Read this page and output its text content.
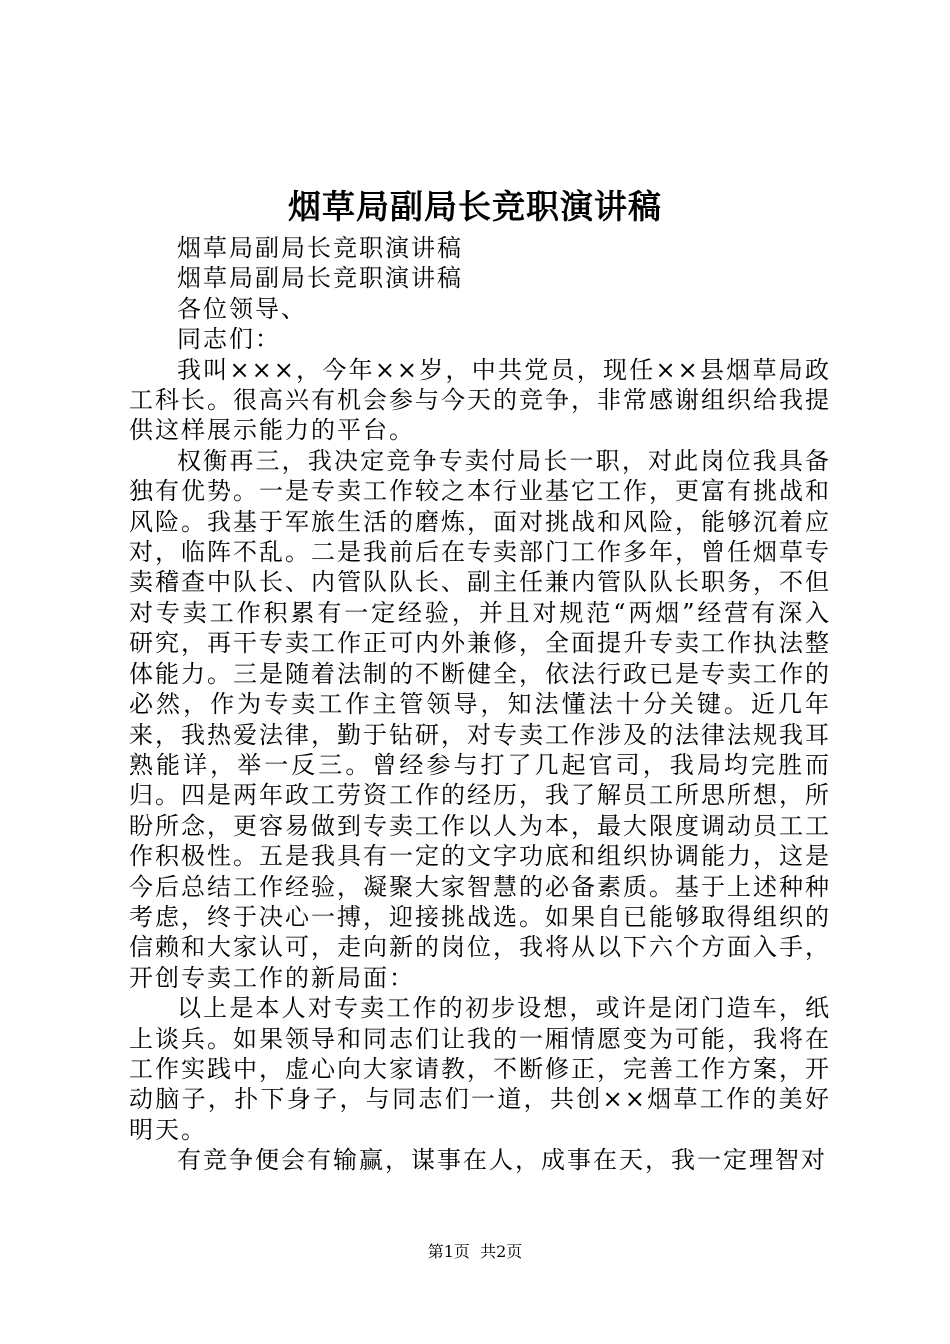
烟草局副局长竞职演讲稿

烟草局副局长竞职演讲稿

烟草局副局长竞职演讲稿

各位领导、

同志们：

我叫×××，今年××岁，中共党员，现任××县烟草局政工科长。很高兴有机会参与今天的竞争，非常感谢组织给我提供这样展示能力的平台。

权衡再三，我决定竞争专卖付局长一职，对此岗位我具备独有优势。一是专卖工作较之本行业基它工作，更富有挑战和风险。我基于军旅生活的磨炼，面对挑战和风险，能够沉着应对，临阵不乱。二是我前后在专卖部门工作多年，曾任烟草专卖稽查中队长、内管队队长、副主任兼内管队队长职务，不但对专卖工作积累有一定经验，并且对规范“两烟”经营有深入研究，再干专卖工作正可内外兼修，全面提升专卖工作执法整体能力。三是随着法制的不断健全，依法行政已是专卖工作的必然，作为专卖工作主管领导，知法懂法十分关键。近几年来，我热爱法律，勤于钻研，对专卖工作涉及的法律法规我耳熟能详，举一反三。曾经参与打了几起官司，我局均完胜而归。四是两年政工劳资工作的经历，我了解员工所思所想，所盼所念，更容易做到专卖工作以人为本，最大限度调动员工工作积极性。五是我具有一定的文字功底和组织协调能力，这是今后总结工作经验，凝聚大家智慧的必备素质。基于上述种种考虑，终于决心一搏，迎接挑战选。如果自已能够取得组织的信赖和大家认可，走向新的岗位，我将从以下六个方面入手，开创专卖工作的新局面：

以上是本人对专卖工作的初步设想，或许是闭门造车，纸上谈兵。如果领导和同志们让我的一厢情愿变为可能，我将在工作实践中，虚心向大家请教，不断修正，完善工作方案，开动脑子，扑下身子，与同志们一道，共创××烟草工作的美好明天。

有竞争便会有输赢，谋事在人，成事在天，我一定理智对

第1页  共2页
